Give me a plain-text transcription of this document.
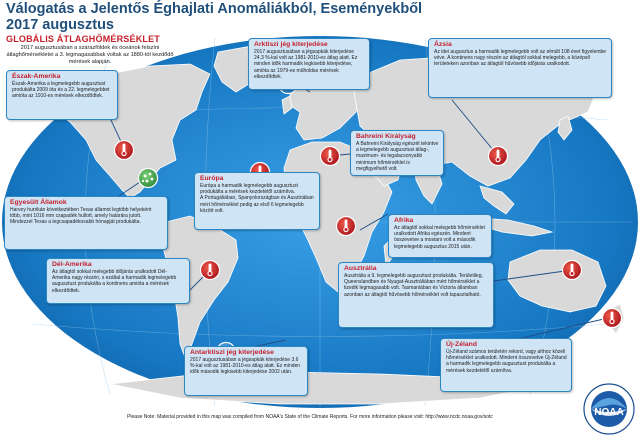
Válogatás a Jelentős Éghajlati Anomáliákból, Eseményekből
2017 augusztus
GLOBÁLIS ÁTLAGHŐMÉRSÉKLET
2017 augusztusában a szárazföldek és óceánok felszíni átlaghőmérsékletei a 3. legmagasabbak voltak az 1880-tól kezdődő mérések alapján.
Észak-Amerika
Észak-Amerika a legmelegebb augusztust produkálta 2009 óta és a 22. legmelegebbet amióta az 1910-es mérések elkezdődtek.
Arktiszi jég kiterjedése
2017 augusztusában a jégsapkák kiterjedése 24.3 %-kal volt az 1981-2010-es átlag alatt. Ez minden idők harmadik legkisebb kiterjedése, amióta az 1979-es műholdas mérések elkezdődtek.
Ázsia
Az idei augusztus a harmadik legmelegebb volt az elmúlt 108 évet figyelembe véve. A kontinens nagy részén az átlagtól sokkal melegebb, a középső területeken azonban az átlagtól hűvösebb időjárás uralkodott.
Egyesült Államok
Harvey hurrikán következtében Texas államot legtöbb helyeként több, mint 1016 mm csapadék hullott, amely határára jutott.
Mindezzel Texas a legcsapadékosabb hónapját produkálta.
Európa
Európa a harmadik legmelegebb augusztust produkálta a mérések kezdetétől számítva.
A Portugáliában, Spanyolországban és Ausztriában mért hőmérséklet pedig az első 6 legmelegebb között volt.
Bahreini Királyság
A Bahreini Királyság egészét tekintve a legmelegebb augusztusi átlag-, maximum- és legalacsonyabb minimum hőmérséklet is megfigyelhető volt.
Afrika
Az átlagtól sokkal melegebb hőmérséklet uralkodott Afrika egészén. Mindent összevetve a mostani volt a második legmelegebb augusztus 2015 után.
Dél-Amerika
Az átlagtól sokkal melegebb időjárás uralkodott Dél-Amerika nagy részén, s ezáltal a harmadik legmelegebb augusztust produkálta a kontinens amióta a mérések elkezdődtek.
Ausztrália
Ausztrália a 9. legmelegebb augusztust produkálta. Területileg, Queenslandben és Nyugat-Ausztráliában mért hőmérséklet a tizedik legmagasabb volt. Tasmaniában és Victoria államban azonban az átlagtól hűvösebb hőmérséklet volt tapasztalható.
Antarktiszi jég kiterjedése
2017 augusztusában a jégsapkák kiterjedése 3.6 %-kal volt az 1981-2010-es átlag alatt. Ez minden idők második legkisebb kiterjedése 2002 után.
Új-Zéland
Új-Zéland számos területén rekord, vagy ahhoz közeli hőmérséklet uralkodott. Mindent összevetve Új-Zéland a harmadik legmelegebb augusztust produkálta a mérések kezdetétől számítva.
Please Note: Material provided in this map was compiled from NOAA's State of the Climate Reports. For more information please visit: http://www.ncdc.noaa.gov/sotc	NOAA
